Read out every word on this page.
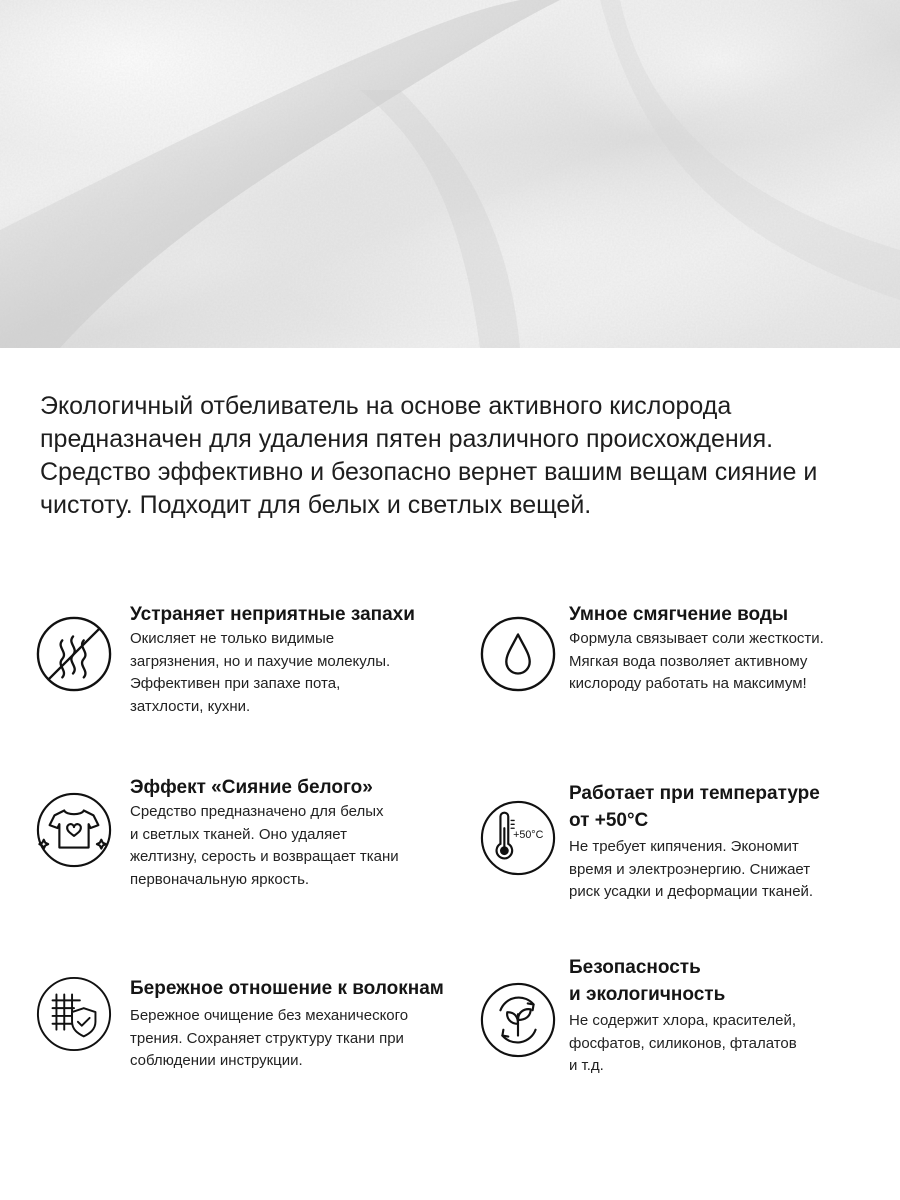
Экологичный отбеливатель на основе активного кислорода предназначен для удаления пятен различного происхождения. Средство эффективно и безопасно вернет вашим вещам сияние и чистоту. Подходит для белых и светлых вещей.

Устраняет неприятные запахи

Окисляет не только видимые
загрязнения, но и пахучие молекулы.
Эффективен при запахе пота,
затхлости, кухни.

Умное смягчение воды

Формула связывает соли жесткости.
Мягкая вода позволяет активному
кислороду работать на максимум!

Эффект «Сияние белого»

Средство предназначено для белых
и светлых тканей. Оно удаляет
желтизну, серость и возвращает ткани
первоначальную яркость.

+50°C
Работает при температуре
от +50°C

Не требует кипячения. Экономит
время и электроэнергию. Снижает
риск усадки и деформации тканей.

Бережное отношение к волокнам

Бережное очищение без механического
трения. Сохраняет структуру ткани при
соблюдении инструкции.

Безопасность
и экологичность

Не содержит хлора, красителей,
фосфатов, силиконов, фталатов
и т.д.
